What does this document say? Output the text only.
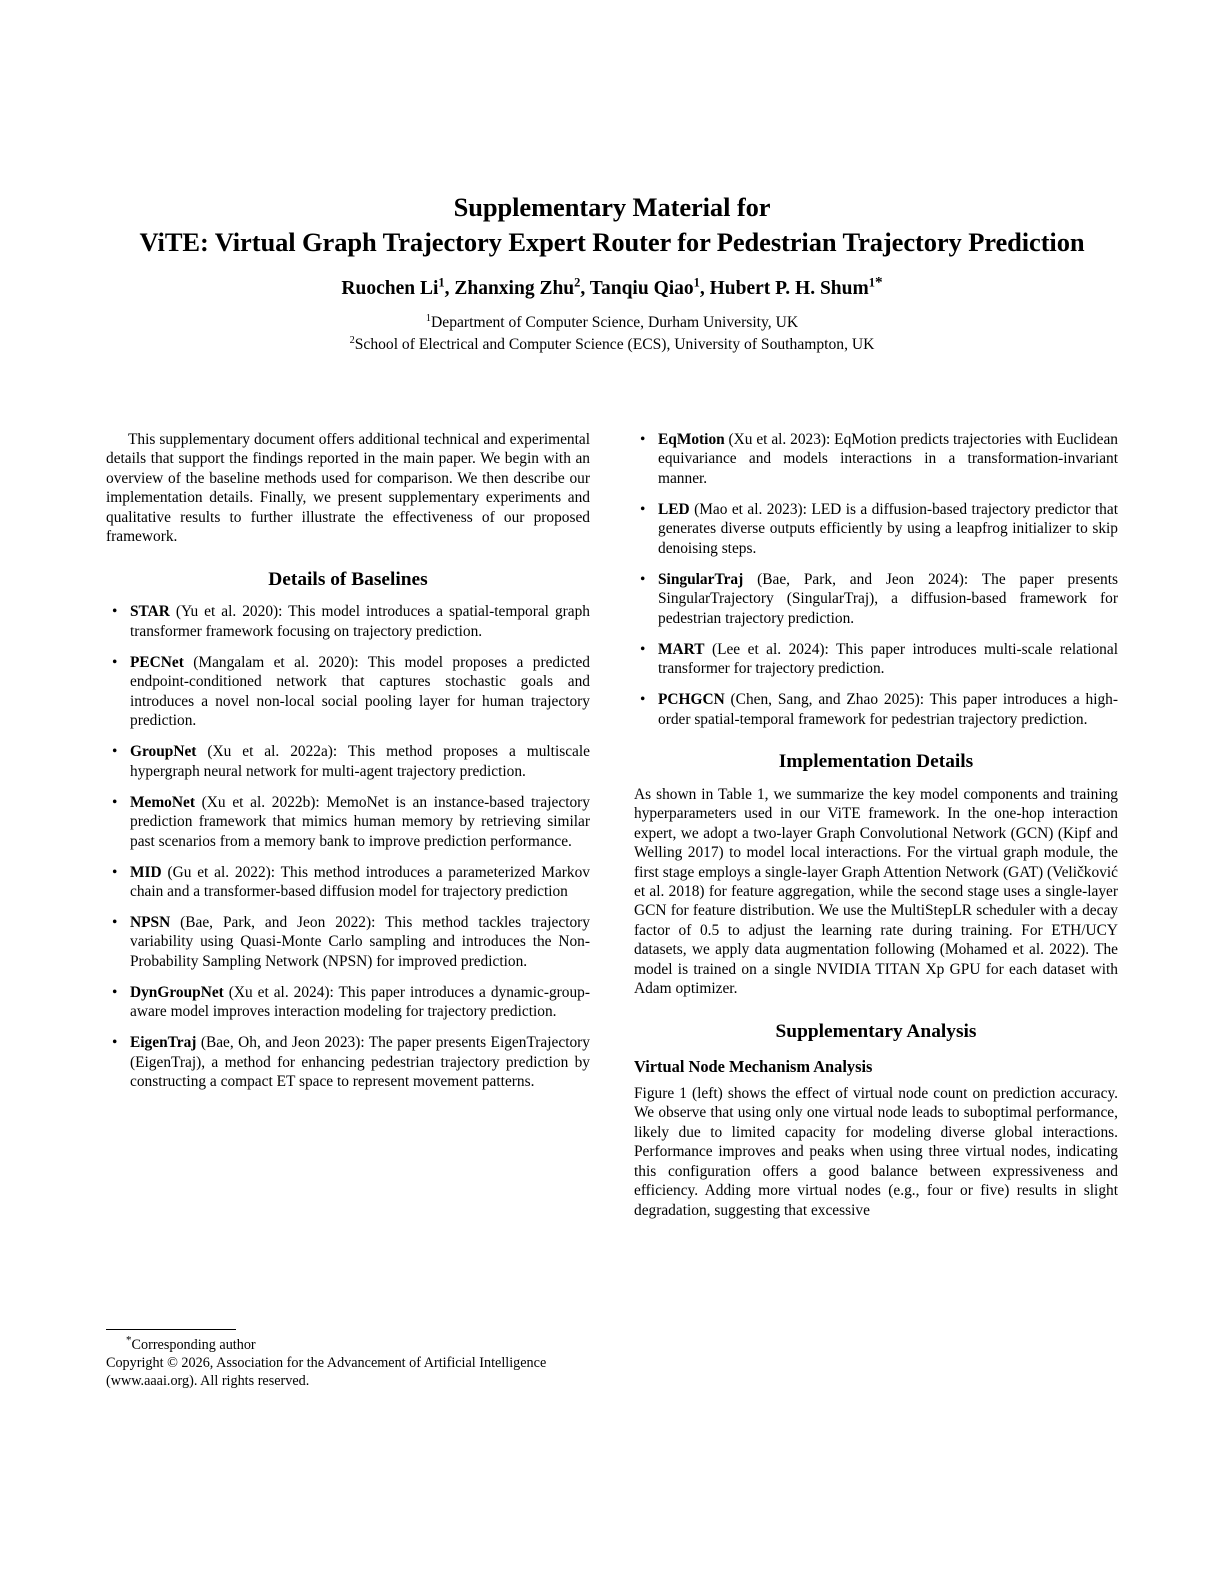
Supplementary Material for
ViTE: Virtual Graph Trajectory Expert Router for Pedestrian Trajectory Prediction
Ruochen Li$^1$, Zhanxing Zhu$^2$, Tanqiu Qiao$^1$, Hubert P. H. Shum$^{1*}$
$^1$Department of Computer Science, Durham University, UK
$^2$School of Electrical and Computer Science (ECS), University of Southampton, UK

This supplementary document offers additional technical and experimental details that support the findings reported in the main paper. We begin with an overview of the baseline methods used for comparison. We then describe our implementation details. Finally, we present supplementary experiments and qualitative results to further illustrate the effectiveness of our proposed framework.

Details of Baselines
• STAR (Yu et al. 2020): This model introduces a spatial-temporal graph transformer framework focusing on trajectory prediction.
• PECNet (Mangalam et al. 2020): This model proposes a predicted endpoint-conditioned network that captures stochastic goals and introduces a novel non-local social pooling layer for human trajectory prediction.
• GroupNet (Xu et al. 2022a): This method proposes a multiscale hypergraph neural network for multi-agent trajectory prediction.
• MemoNet (Xu et al. 2022b): MemoNet is an instance-based trajectory prediction framework that mimics human memory by retrieving similar past scenarios from a memory bank to improve prediction performance.
• MID (Gu et al. 2022): This method introduces a parameterized Markov chain and a transformer-based diffusion model for trajectory prediction
• NPSN (Bae, Park, and Jeon 2022): This method tackles trajectory variability using Quasi-Monte Carlo sampling and introduces the Non-Probability Sampling Network (NPSN) for improved prediction.
• DynGroupNet (Xu et al. 2024): This paper introduces a dynamic-group-aware model improves interaction modeling for trajectory prediction.
• EigenTraj (Bae, Oh, and Jeon 2023): The paper presents EigenTrajectory (EigenTraj), a method for enhancing pedestrian trajectory prediction by constructing a compact ET space to represent movement patterns.
*Corresponding author
Copyright © 2026, Association for the Advancement of Artificial Intelligence (www.aaai.org). All rights reserved.
• EqMotion (Xu et al. 2023): EqMotion predicts trajectories with Euclidean equivariance and models interactions in a transformation-invariant manner.
• LED (Mao et al. 2023): LED is a diffusion-based trajectory predictor that generates diverse outputs efficiently by using a leapfrog initializer to skip denoising steps.
• SingularTraj (Bae, Park, and Jeon 2024): The paper presents SingularTrajectory (SingularTraj), a diffusion-based framework for pedestrian trajectory prediction.
• MART (Lee et al. 2024): This paper introduces multi-scale relational transformer for trajectory prediction.
• PCHGCN (Chen, Sang, and Zhao 2025): This paper introduces a high-order spatial-temporal framework for pedestrian trajectory prediction.
Implementation Details

As shown in Table 1, we summarize the key model components and training hyperparameters used in our ViTE framework. In the one-hop interaction expert, we adopt a two-layer Graph Convolutional Network (GCN) (Kipf and Welling 2017) to model local interactions. For the virtual graph module, the first stage employs a single-layer Graph Attention Network (GAT) (Veličković et al. 2018) for feature aggregation, while the second stage uses a single-layer GCN for feature distribution. We use the MultiStepLR scheduler with a decay factor of 0.5 to adjust the learning rate during training. For ETH/UCY datasets, we apply data augmentation following (Mohamed et al. 2022). The model is trained on a single NVIDIA TITAN Xp GPU for each dataset with Adam optimizer.

Supplementary Analysis
Virtual Node Mechanism Analysis

Figure 1 (left) shows the effect of virtual node count on prediction accuracy. We observe that using only one virtual node leads to suboptimal performance, likely due to limited capacity for modeling diverse global interactions. Performance improves and peaks when using three virtual nodes, indicating this configuration offers a good balance between expressiveness and efficiency. Adding more virtual nodes (e.g., four or five) results in slight degradation, suggesting that excessive
